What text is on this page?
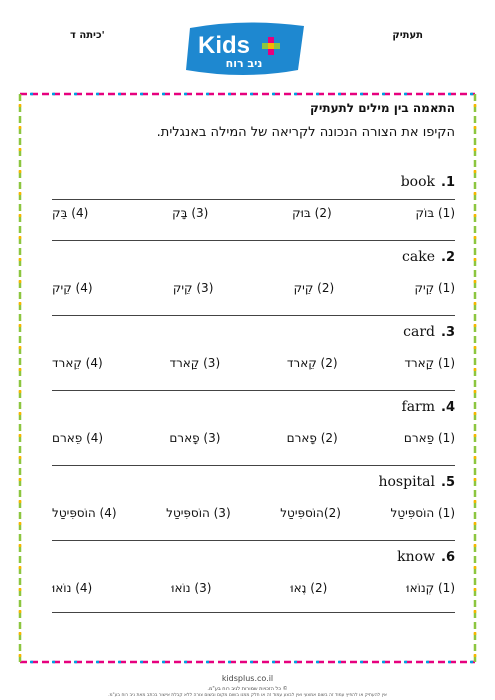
כיתה ד'	תעתיק
Kids
ניב רוח
התאמה בין מילים לתעתיק
הקיפו את הצורה הנכונה לקריאה של המילה באנגלית.
.1
book
(1) בּוֹק
(2) בּוּק
(3) בָּק
(4) בֵּק
.2
cake
(1) קֵיק
(2) קֵיק
(3) קֵיק
(4) קֵיק
.3
card
(1) קַארד
(2) קֵארד
(3) קַארד
(4) קֵארד
.4
farm
(1) פַארם
(2) פָארם
(3) פָארם
(4) פֵארם
.5
hospital
(1) הוֹספִּיטַל
(2)הוֹספִּיטַל
(3) הוֹספִּיטַל
(4) הוֹספִּיטַל
.6
know
(1) קְנוֹאוּ
(2) נֶאוּ
(3) נוֹאוּ
(4) נוֹאוּ
kidsplus.co.il
© כל הזכויות שמורות לניב רוח בע"מ.
אין להעתיק או להפיץ עמוד זה בשום אמצעי ואין לבצע עמוד זה או חלק ממנו בשום מקום ובשום צורה ללא קבלת אישור בכתב מאת ניב רוח בע"מ.
